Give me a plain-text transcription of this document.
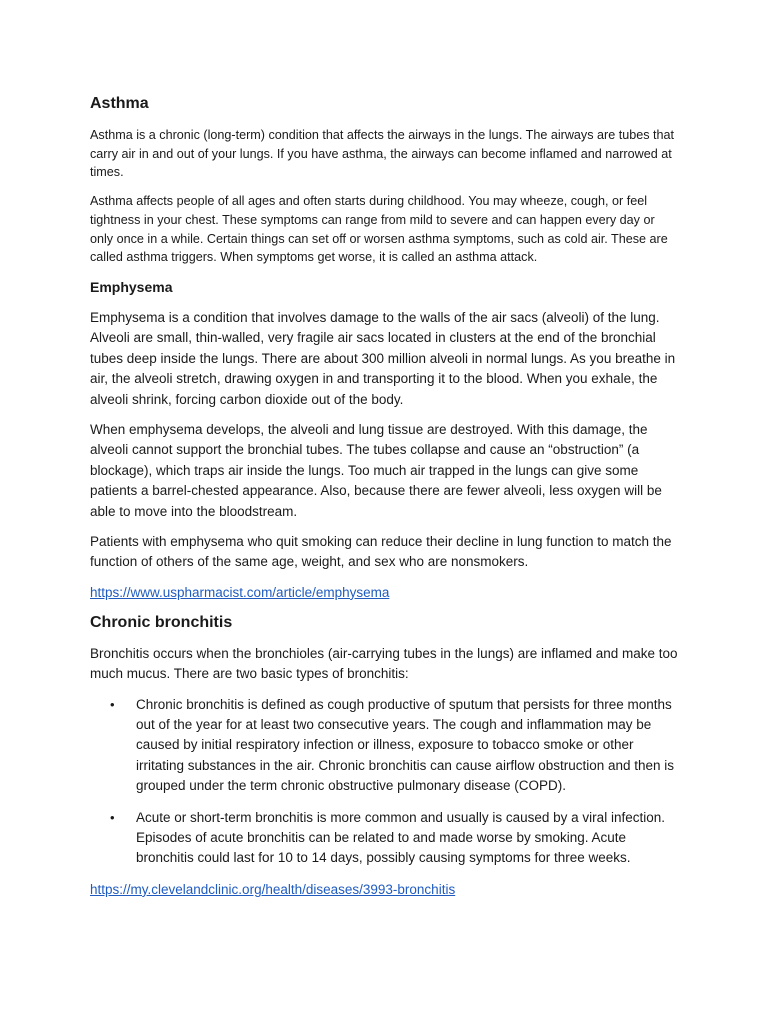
Asthma

Asthma is a chronic (long-term) condition that affects the airways in the lungs. The airways are tubes that carry air in and out of your lungs. If you have asthma, the airways can become inflamed and narrowed at times.

Asthma affects people of all ages and often starts during childhood. You may wheeze, cough, or feel tightness in your chest. These symptoms can range from mild to severe and can happen every day or only once in a while. Certain things can set off or worsen asthma symptoms, such as cold air. These are called asthma triggers. When symptoms get worse, it is called an asthma attack.

Emphysema

Emphysema is a condition that involves damage to the walls of the air sacs (alveoli) of the lung. Alveoli are small, thin-walled, very fragile air sacs located in clusters at the end of the bronchial tubes deep inside the lungs. There are about 300 million alveoli in normal lungs. As you breathe in air, the alveoli stretch, drawing oxygen in and transporting it to the blood. When you exhale, the alveoli shrink, forcing carbon dioxide out of the body.

When emphysema develops, the alveoli and lung tissue are destroyed. With this damage, the alveoli cannot support the bronchial tubes. The tubes collapse and cause an “obstruction” (a blockage), which traps air inside the lungs. Too much air trapped in the lungs can give some patients a barrel-chested appearance. Also, because there are fewer alveoli, less oxygen will be able to move into the bloodstream.

Patients with emphysema who quit smoking can reduce their decline in lung function to match the function of others of the same age, weight, and sex who are nonsmokers.

https://www.uspharmacist.com/article/emphysema
Chronic bronchitis

Bronchitis occurs when the bronchioles (air-carrying tubes in the lungs) are inflamed and make too much mucus. There are two basic types of bronchitis:

• Chronic bronchitis is defined as cough productive of sputum that persists for three months out of the year for at least two consecutive years. The cough and inflammation may be caused by initial respiratory infection or illness, exposure to tobacco smoke or other irritating substances in the air. Chronic bronchitis can cause airflow obstruction and then is grouped under the term chronic obstructive pulmonary disease (COPD).
• Acute or short-term bronchitis is more common and usually is caused by a viral infection. Episodes of acute bronchitis can be related to and made worse by smoking. Acute bronchitis could last for 10 to 14 days, possibly causing symptoms for three weeks.
https://my.clevelandclinic.org/health/diseases/3993-bronchitis
